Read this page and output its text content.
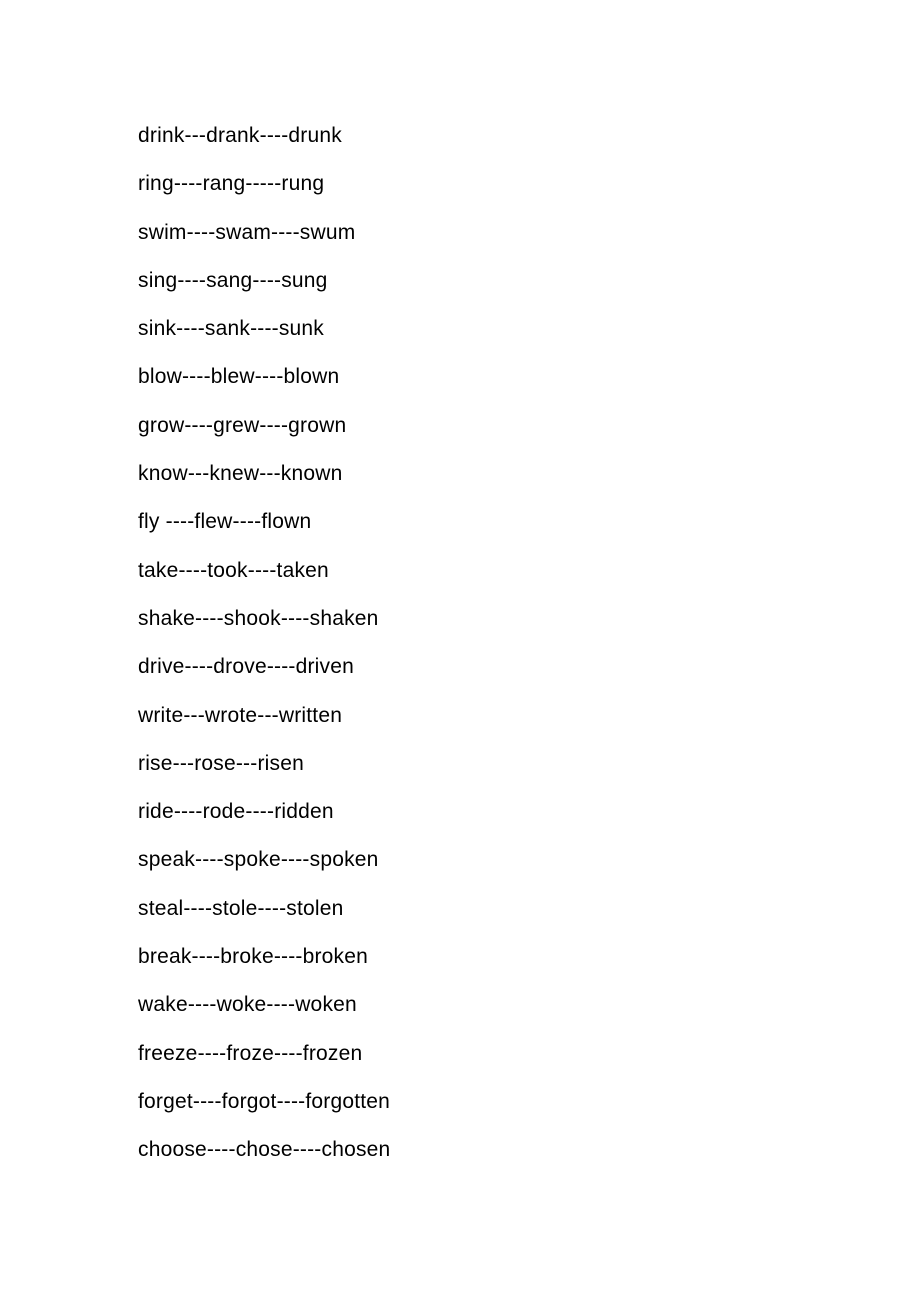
drink---drank----drunk

ring----rang-----rung

swim----swam----swum

sing----sang----sung

sink----sank----sunk

blow----blew----blown

grow----grew----grown

know---knew---known

fly ----flew----flown

take----took----taken

shake----shook----shaken

drive----drove----driven

write---wrote---written

rise---rose---risen

ride----rode----ridden

speak----spoke----spoken

steal----stole----stolen

break----broke----broken

wake----woke----woken

freeze----froze----frozen

forget----forgot----forgotten

choose----chose----chosen
